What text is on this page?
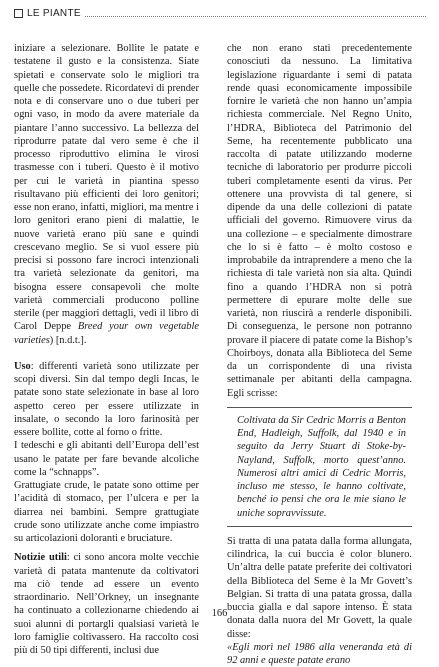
LE PIANTE

iniziare a selezionare. Bollite le patate e testatene il gusto e la consistenza. Siate spietati e conservate solo le migliori tra quelle che possedete. Ricordatevi di prender nota e di conservare uno o due tuberi per ogni vaso, in modo da avere materiale da piantare l’anno successivo. La bellezza del riprodurre patate dal vero seme è che il processo riproduttivo elimina le virosi trasmesse con i tuberi. Questo è il motivo per cui le varietà in piantina spesso risultavano più efficienti dei loro genitori; esse non erano, infatti, migliori, ma mentre i loro genitori erano pieni di malattie, le nuove varietà erano più sane e quindi crescevano meglio. Se si vuol essere più precisi si possono fare incroci intenzionali tra varietà selezionate da genitori, ma bisogna essere consapevoli che molte varietà commerciali producono polline sterile (per maggiori dettagli, vedi il libro di Carol Deppe Breed your own vegetable varieties) [n.d.t.].

Uso: differenti varietà sono utilizzate per scopi diversi. Sin dal tempo degli Incas, le patate sono state selezionate in base al loro aspetto cereo per essere utilizzate in insalate, o secondo la loro farinosità per essere bollite, cotte al forno o fritte.

I tedeschi e gli abitanti dell’Europa dell’est usano le patate per fare bevande alcoliche come la “schnapps”.

Grattugiate crude, le patate sono ottime per l’acidità di stomaco, per l’ulcera e per la diarrea nei bambini. Sempre grattugiate crude sono utilizzate anche come impiastro su articolazioni doloranti e bruciature.

Notizie utili: ci sono ancora molte vecchie varietà di patata mantenute da coltivatori ma ciò tende ad essere un evento straordinario. Nell’Orkney, un insegnante ha continuato a collezionarne chiedendo ai suoi alunni di portargli qualsiasi varietà le loro famiglie coltivassero. Ha raccolto così più di 50 tipi differenti, inclusi due

che non erano stati precedentemente conosciuti da nessuno. La limitativa legislazione riguardante i semi di patata rende quasi economicamente impossibile fornire le varietà che non hanno un’ampia richiesta commerciale. Nel Regno Unito, l’HDRA, Biblioteca del Patrimonio del Seme, ha recentemente pubblicato una raccolta di patate utilizzando moderne tecniche di laboratorio per produrre piccoli tuberi completamente esenti da virus. Per ottenere una provvista di tal genere, si dipende da una delle collezioni di patate ufficiali del governo. Rimuovere virus da una collezione – e specialmente dimostrare che lo si è fatto – è molto costoso e improbabile da intraprendere a meno che la richiesta di tale varietà non sia alta. Quindi fino a quando l’HDRA non si potrà permettere di epurare molte delle sue varietà, non riuscirà a renderle disponibili. Di conseguenza, le persone non potranno provare il piacere di patate come la Bishop’s Choirboys, donata alla Biblioteca del Seme da un corrispondente di una rivista settimanale per abitanti della campagna. Egli scrisse:

Coltivata da Sir Cedric Morris a Benton End, Hadleigh, Suffolk, dal 1940 e in seguito da Jerry Stuart di Stoke-by-Nayland, Suffolk, morto quest’anno. Numerosi altri amici di Cedric Morris, incluso me stesso, le hanno coltivate, benché io pensi che ora le mie siano le uniche sopravvissute.

Si tratta di una patata dalla forma allungata, cilindrica, la cui buccia è color blunero. Un’altra delle patate preferite dei coltivatori della Biblioteca del Seme è la Mr Govett’s Belgian. Si tratta di una patata grossa, dalla buccia gialla e dal sapore intenso. È stata donata dalla nuora del Mr Govett, la quale disse:

«Egli morì nel 1986 alla veneranda età di 92 anni e queste patate erano

166
